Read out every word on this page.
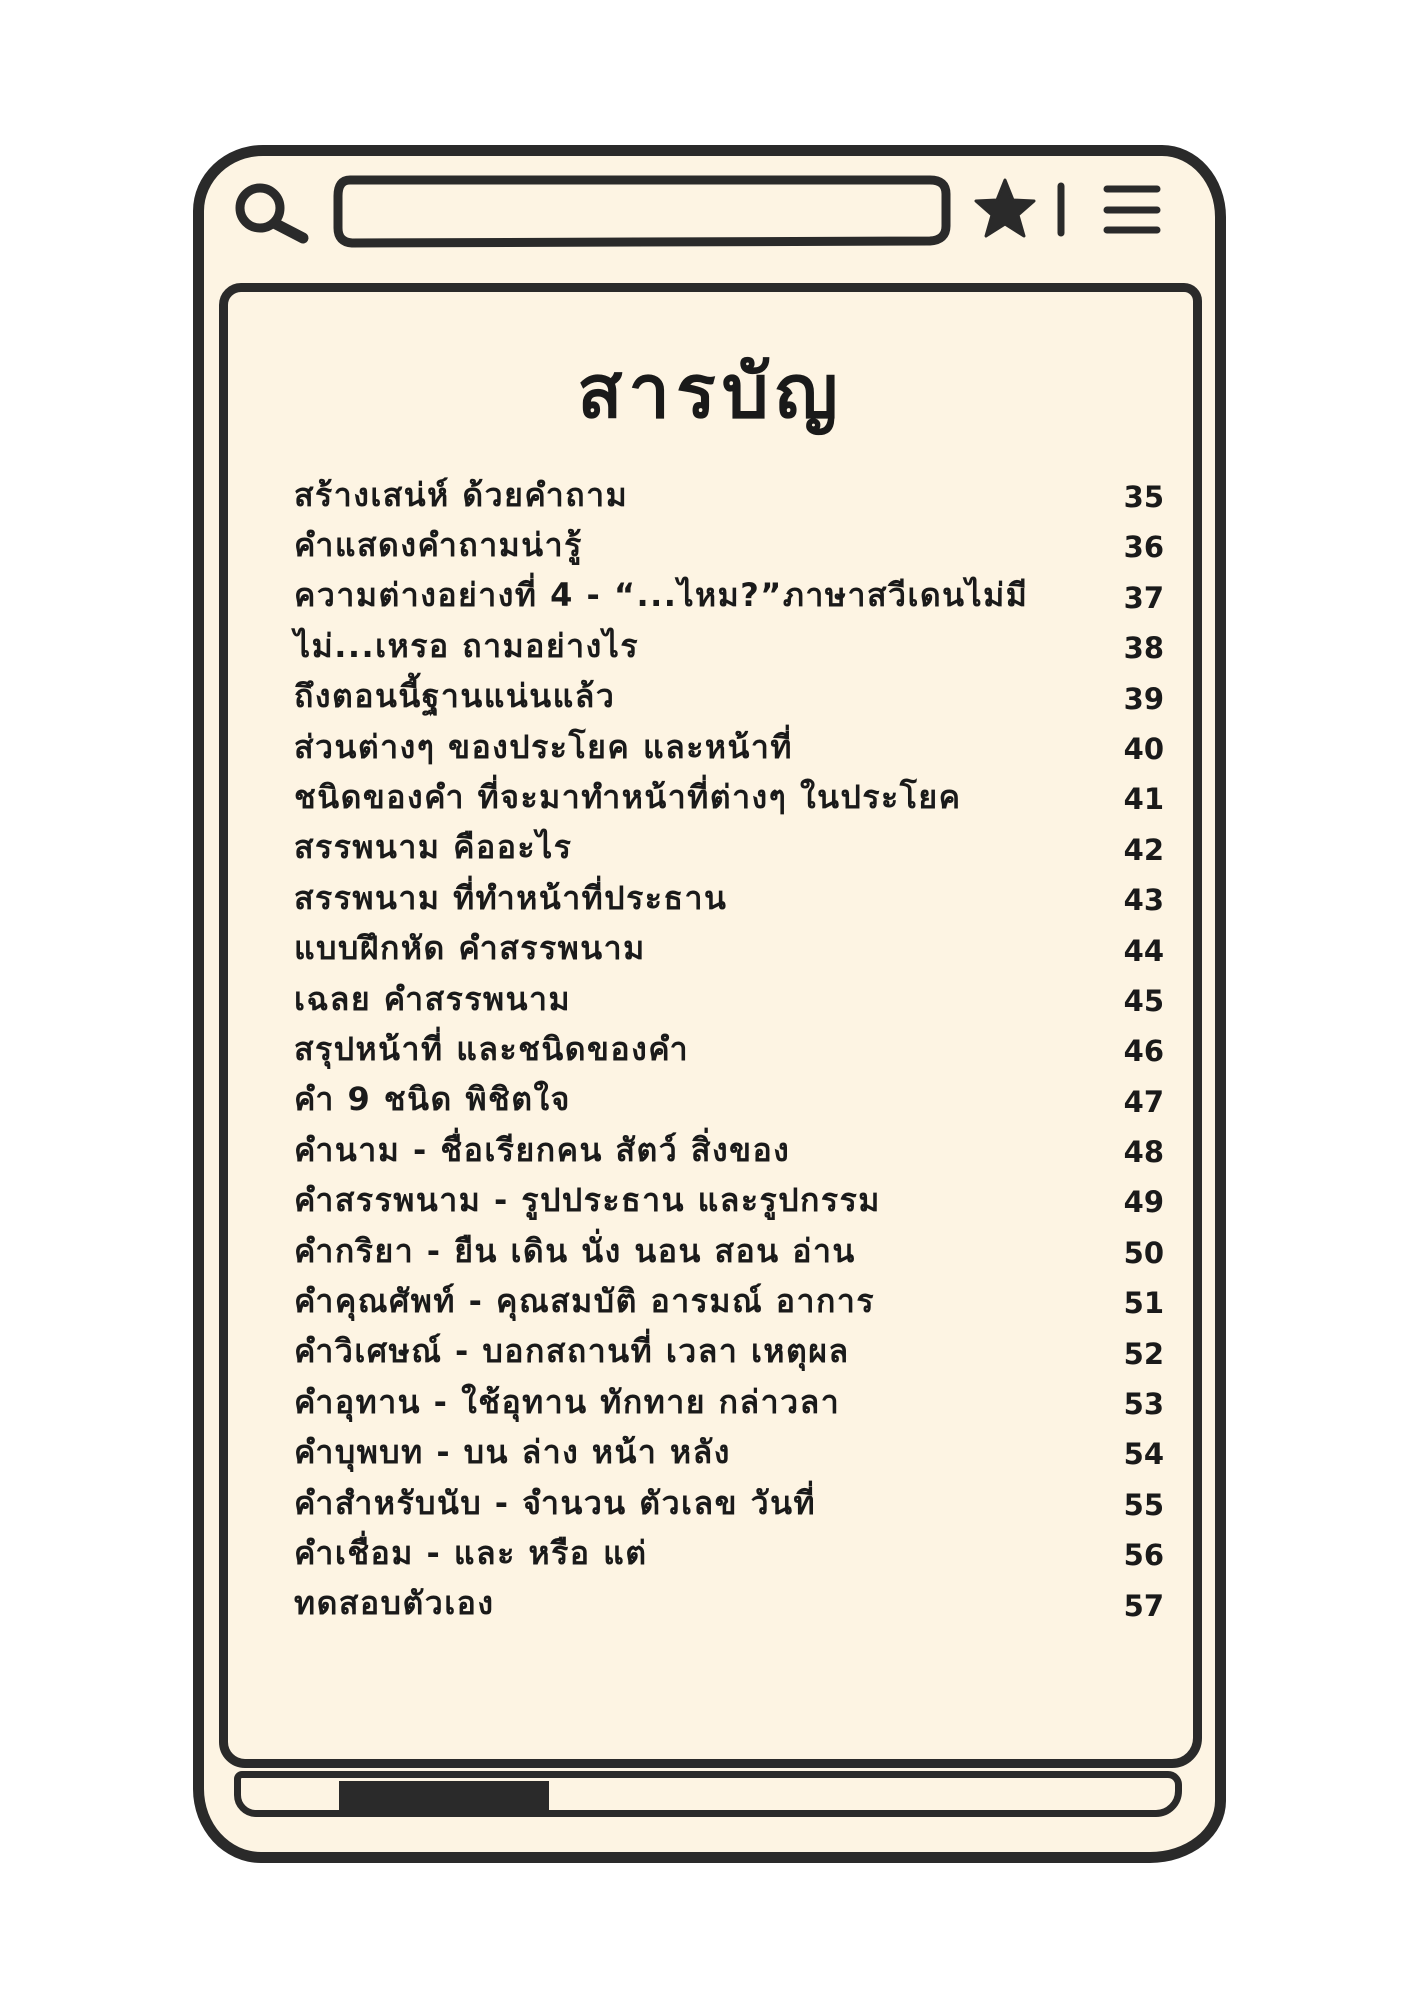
สารบัญ
สร้างเสน่ห์ ด้วยคำถาม	35
คำแสดงคำถามน่ารู้	36
ความต่างอย่างที่ 4 - “...ไหม?”ภาษาสวีเดนไม่มี	37
ไม่...เหรอ ถามอย่างไร	38
ถึงตอนนี้ฐานแน่นแล้ว	39
ส่วนต่างๆ ของประโยค และหน้าที่	40
ชนิดของคำ ที่จะมาทำหน้าที่ต่างๆ ในประโยค	41
สรรพนาม คืออะไร	42
สรรพนาม ที่ทำหน้าที่ประธาน	43
แบบฝึกหัด คำสรรพนาม	44
เฉลย คำสรรพนาม	45
สรุปหน้าที่ และชนิดของคำ	46
คำ 9 ชนิด พิชิตใจ	47
คำนาม - ชื่อเรียกคน สัตว์ สิ่งของ	48
คำสรรพนาม - รูปประธาน และรูปกรรม	49
คำกริยา - ยืน เดิน นั่ง นอน สอน อ่าน	50
คำคุณศัพท์ - คุณสมบัติ อารมณ์ อาการ	51
คำวิเศษณ์ - บอกสถานที่ เวลา เหตุผล	52
คำอุทาน - ใช้อุทาน ทักทาย กล่าวลา	53
คำบุพบท - บน ล่าง หน้า หลัง	54
คำสำหรับนับ - จำนวน ตัวเลข วันที่	55
คำเชื่อม - และ หรือ แต่	56
ทดสอบตัวเอง	57
